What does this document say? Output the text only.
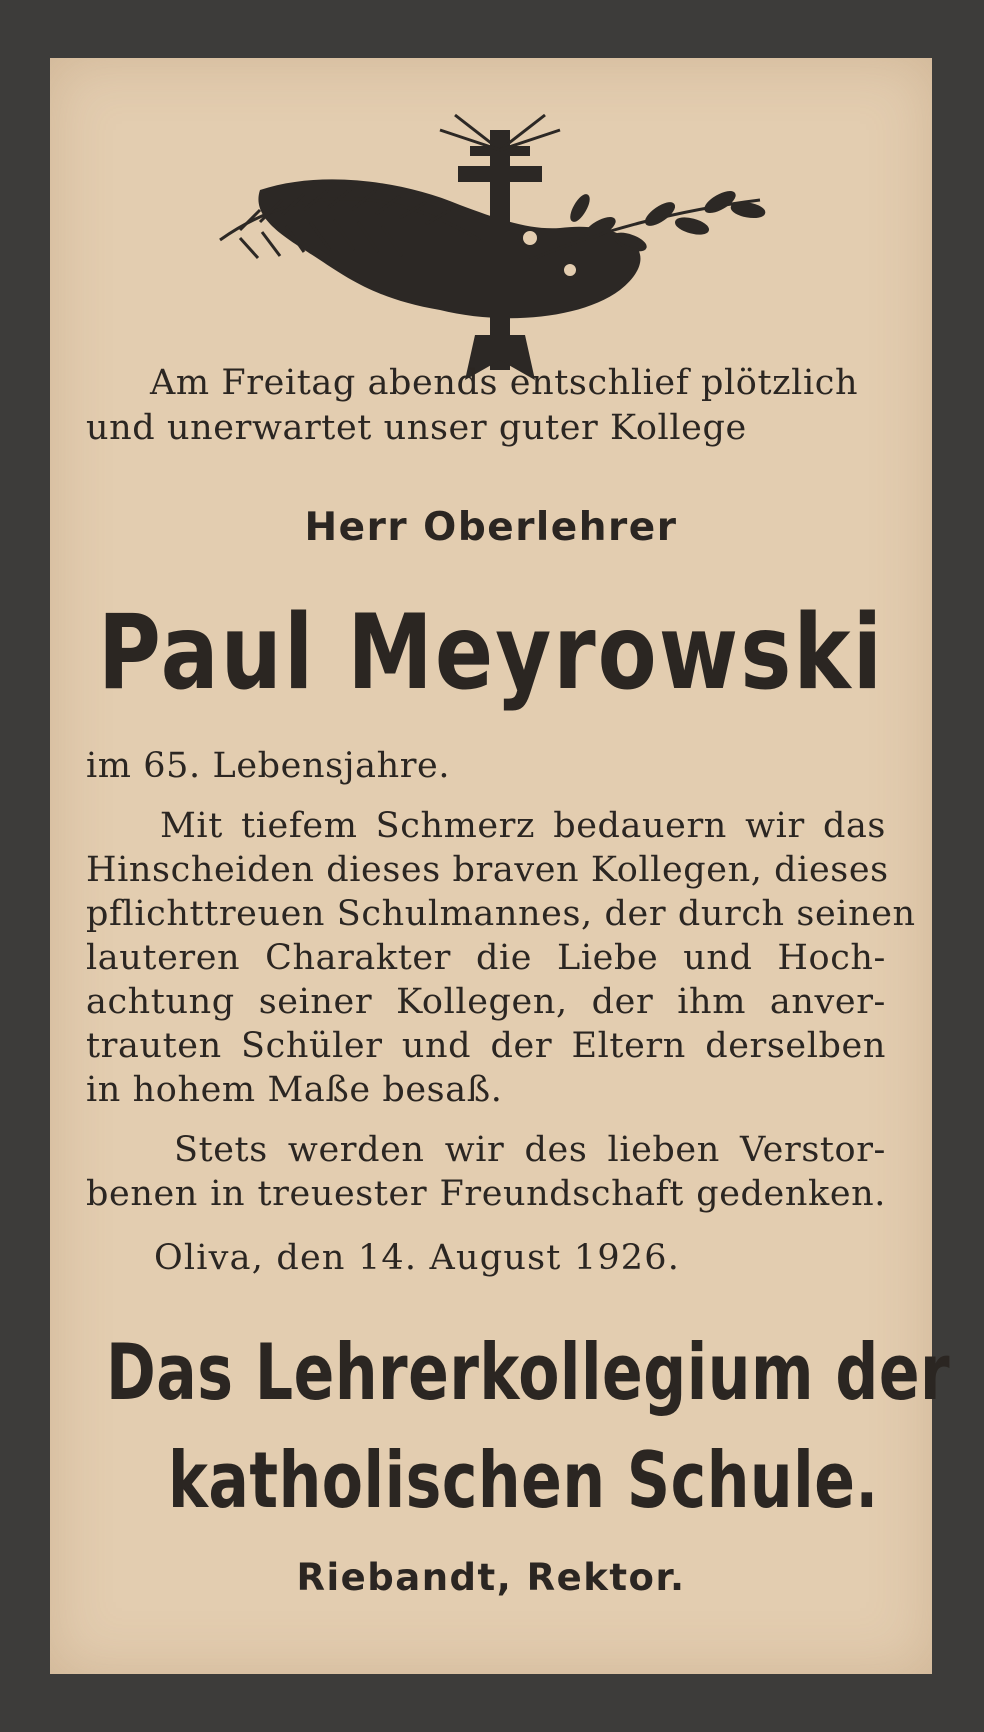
Am Freitag abends entschlief plötzlich
und unerwartet unser guter Kollege
Herr Oberlehrer
Paul Meyrowski
im 65. Lebensjahre.
Mit tiefem Schmerz bedauern wir das
Hinscheiden dieses braven Kollegen, dieses
pflichttreuen Schulmannes, der durch seinen
lauteren Charakter die Liebe und Hoch-
achtung seiner Kollegen, der ihm anver-
trauten Schüler und der Eltern derselben
in hohem Maße besaß.
Stets werden wir des lieben Verstor-
benen in treuester Freundschaft gedenken.
Oliva, den 14. August 1926.
Das Lehrerkollegium der
katholischen Schule.
Riebandt, Rektor.
